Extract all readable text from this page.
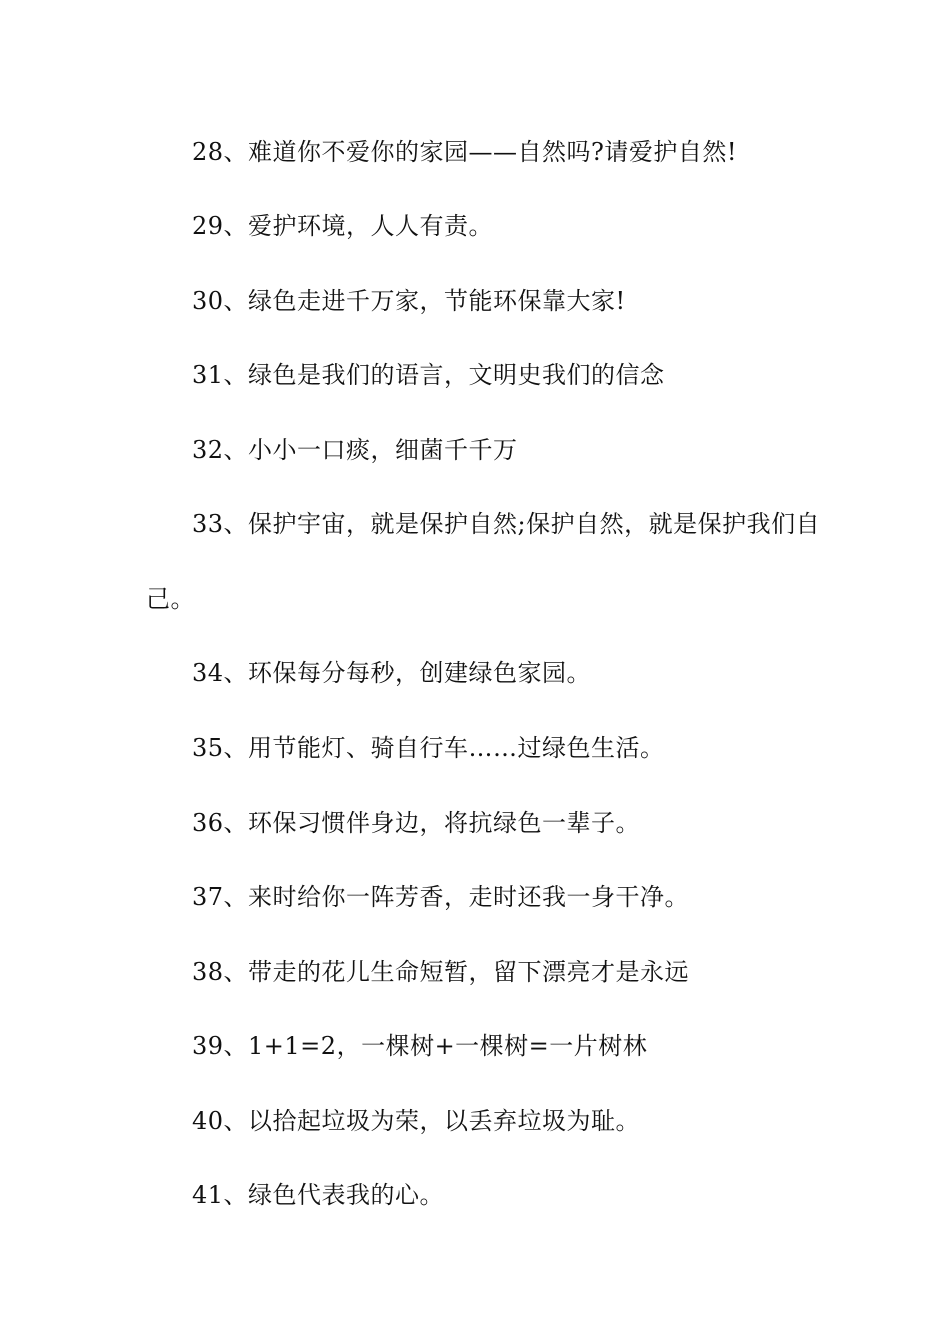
28、难道你不爱你的家园——自然吗?请爱护自然!
29、爱护环境，人人有责。
30、绿色走进千万家，节能环保靠大家!
31、绿色是我们的语言，文明史我们的信念
32、小小一口痰，细菌千千万
33、保护宇宙，就是保护自然;保护自然，就是保护我们自
己。
34、环保每分每秒，创建绿色家园。
35、用节能灯、骑自行车……过绿色生活。
36、环保习惯伴身边，将抗绿色一辈子。
37、来时给你一阵芳香，走时还我一身干净。
38、带走的花儿生命短暂，留下漂亮才是永远
39、1+1=2，一棵树+一棵树=一片树林
40、以拾起垃圾为荣，以丢弃垃圾为耻。
41、绿色代表我的心。
